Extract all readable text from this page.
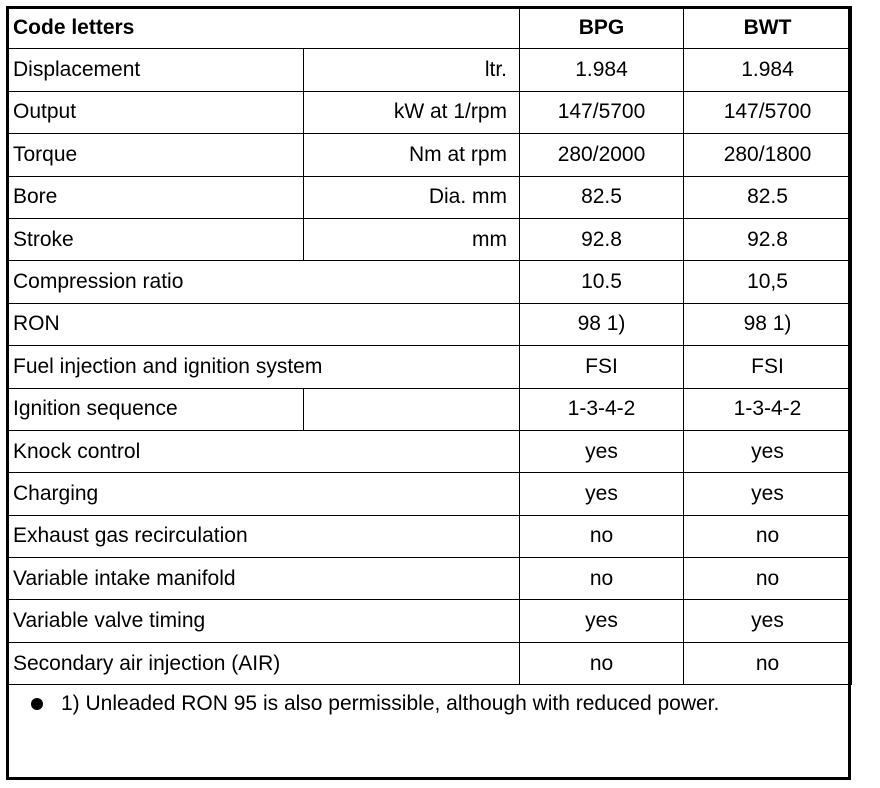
Code letters		BPG	BWT
Displacement	ltr.	1.984	1.984
Output	kW at 1/rpm	147/5700	147/5700
Torque	Nm at rpm	280/2000	280/1800
Bore	Dia. mm	82.5	82.5
Stroke	mm	92.8	92.8
Compression ratio		10.5	10,5
RON		98 1)	98 1)
Fuel injection and ignition system		FSI	FSI
Ignition sequence		1-3-4-2	1-3-4-2
Knock control		yes	yes
Charging		yes	yes
Exhaust gas recirculation		no	no
Variable intake manifold		no	no
Variable valve timing		yes	yes
Secondary air injection (AIR)		no	no
1) Unleaded RON 95 is also permissible, although with reduced power.
